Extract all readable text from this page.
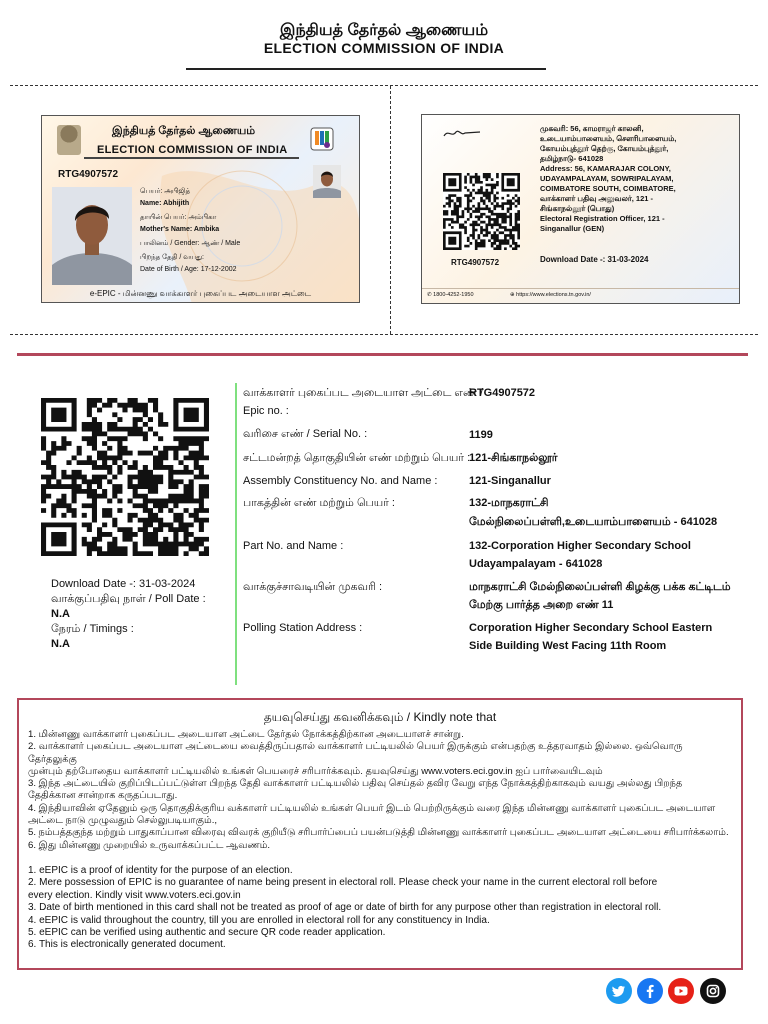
இந்தியத் தேர்தல் ஆணையம்
ELECTION COMMISSION OF INDIA
இந்தியத் தேர்தல் ஆணையம்
ELECTION COMMISSION OF INDIA
RTG4907572
பெயர்: அபிஜித்
Name: Abhijith
தாயின் பெயர்: அம்பிகா
Mother's Name: Ambika
பாலினம் / Gender: ஆண் / Male
பிறந்த தேதி / வயது:
Date of Birth / Age: 17-12-2002
e-EPIC - மின்னணு வாக்காளர் புகைப்பட அடையாள அட்டை
RTG4907572
முகவரி: 56, காமராஜர் காலனி,
உடையாம்பாளையம், சௌரிபாளையம்,
கோயம்புத்தூர் தெற்கு, கோயம்புத்தூர்,
தமிழ்நாடு- 641028
Address: 56, KAMARAJAR COLONY,
UDAYAMPALAYAM, SOWRIPALAYAM,
COIMBATORE SOUTH, COIMBATORE,
வாக்காளர் பதிவு அலுவலர், 121 -
சிங்காநல்லூர் (பொது)
Electoral Registration Officer, 121 -
Singanallur (GEN)
Download Date -: 31-03-2024
✆ 1800-4252-1950	⊕ https://www.elections.tn.gov.in/
Download Date -: 31-03-2024
வாக்குப்பதிவு நாள் / Poll Date :
N.A
நேரம் / Timings :
N.A
வாக்காளர் புகைப்பட அடையாள அட்டை எண் /
Epic no. :
RTG4907572
வரிசை எண் / Serial No. :	1199
சட்டமன்றத் தொகுதியின் எண் மற்றும் பெயர் :
121-சிங்காநல்லூர்
Assembly Constituency No. and Name :	121-Singanallur
பாகத்தின் எண் மற்றும் பெயர் :	132-மாநகராட்சி
மேல்நிலைப்பள்ளி,உடையாம்பாளையம் - 641028
Part No. and Name :	132-Corporation Higher Secondary School
Udayampalayam - 641028
வாக்குச்சாவடியின் முகவரி :	மாநகராட்சி மேல்நிலைப்பள்ளி கிழக்கு பக்க கட்டிடம்
மேற்கு பார்த்த அறை எண் 11
Polling Station Address :	Corporation Higher Secondary School Eastern
Side Building West Facing 11th Room
தயவுசெய்து கவனிக்கவும் / Kindly note that
1. மின்னணு வாக்காளர் புகைப்பட அடையாள அட்டை தேர்தல் நோக்கத்திற்கான அடையாளச் சான்று.
2. வாக்காளர் புகைப்பட அடையாள அட்டையை வைத்திருப்பதால் வாக்காளர் பட்டியலில் பெயர் இருக்கும் என்பதற்கு உத்தரவாதம் இல்லை. ஒவ்வொரு தேர்தலுக்கு
முன்பும் தற்போதைய வாக்காளர் பட்டியலில் உங்கள் பெயரைச் சரிபார்க்கவும். தயவுசெய்து www.voters.eci.gov.in ஐப் பார்வையிடவும்
3. இந்த அட்டையில் குறிப்பிடப்பட்டுள்ள பிறந்த தேதி வாக்காளர் பட்டியலில் பதிவு செய்தல் தவிர வேறு எந்த நோக்கத்திற்காகவும் வயது அல்லது பிறந்த
தேதிக்கான சான்றாக கருதப்படாது.
4. இந்தியாவின் ஏதேனும் ஒரு தொகுதிக்குரிய வக்காளர் பட்டியலில் உங்கள் பெயர் இடம் பெற்றிருக்கும் வரை இந்த மின்னணு வாக்காளர் புகைப்பட அடையாள
அட்டை நாடு முழுவதும் செல்லுபடியாகும்.,
5. நம்பத்தகுந்த மற்றும் பாதுகாப்பான விரைவு விவரக் குறியீடு சரிபார்ப்பைப் பயன்படுத்தி மின்னணு வாக்காளர் புகைப்பட அடையாள அட்டையை சரிபார்க்கலாம்.
6. இது மின்னணு முறையில் உருவாக்கப்பட்ட ஆவணம்.
1. eEPIC is a proof of identity for the purpose of an election.
2. Mere possession of EPIC is no guarantee of name being present in electoral roll. Please check your name in the current electoral roll before
every election. Kindly visit www.voters.eci.gov.in
3. Date of birth mentioned in this card shall not be treated as proof of age or date of birth for any purpose other than registration in electoral roll.
4. eEPIC is valid throughout the country, till you are enrolled in electoral roll for any constituency in India.
5. eEPIC can be verified using authentic and secure QR code reader application.
6. This is electronically generated document.
